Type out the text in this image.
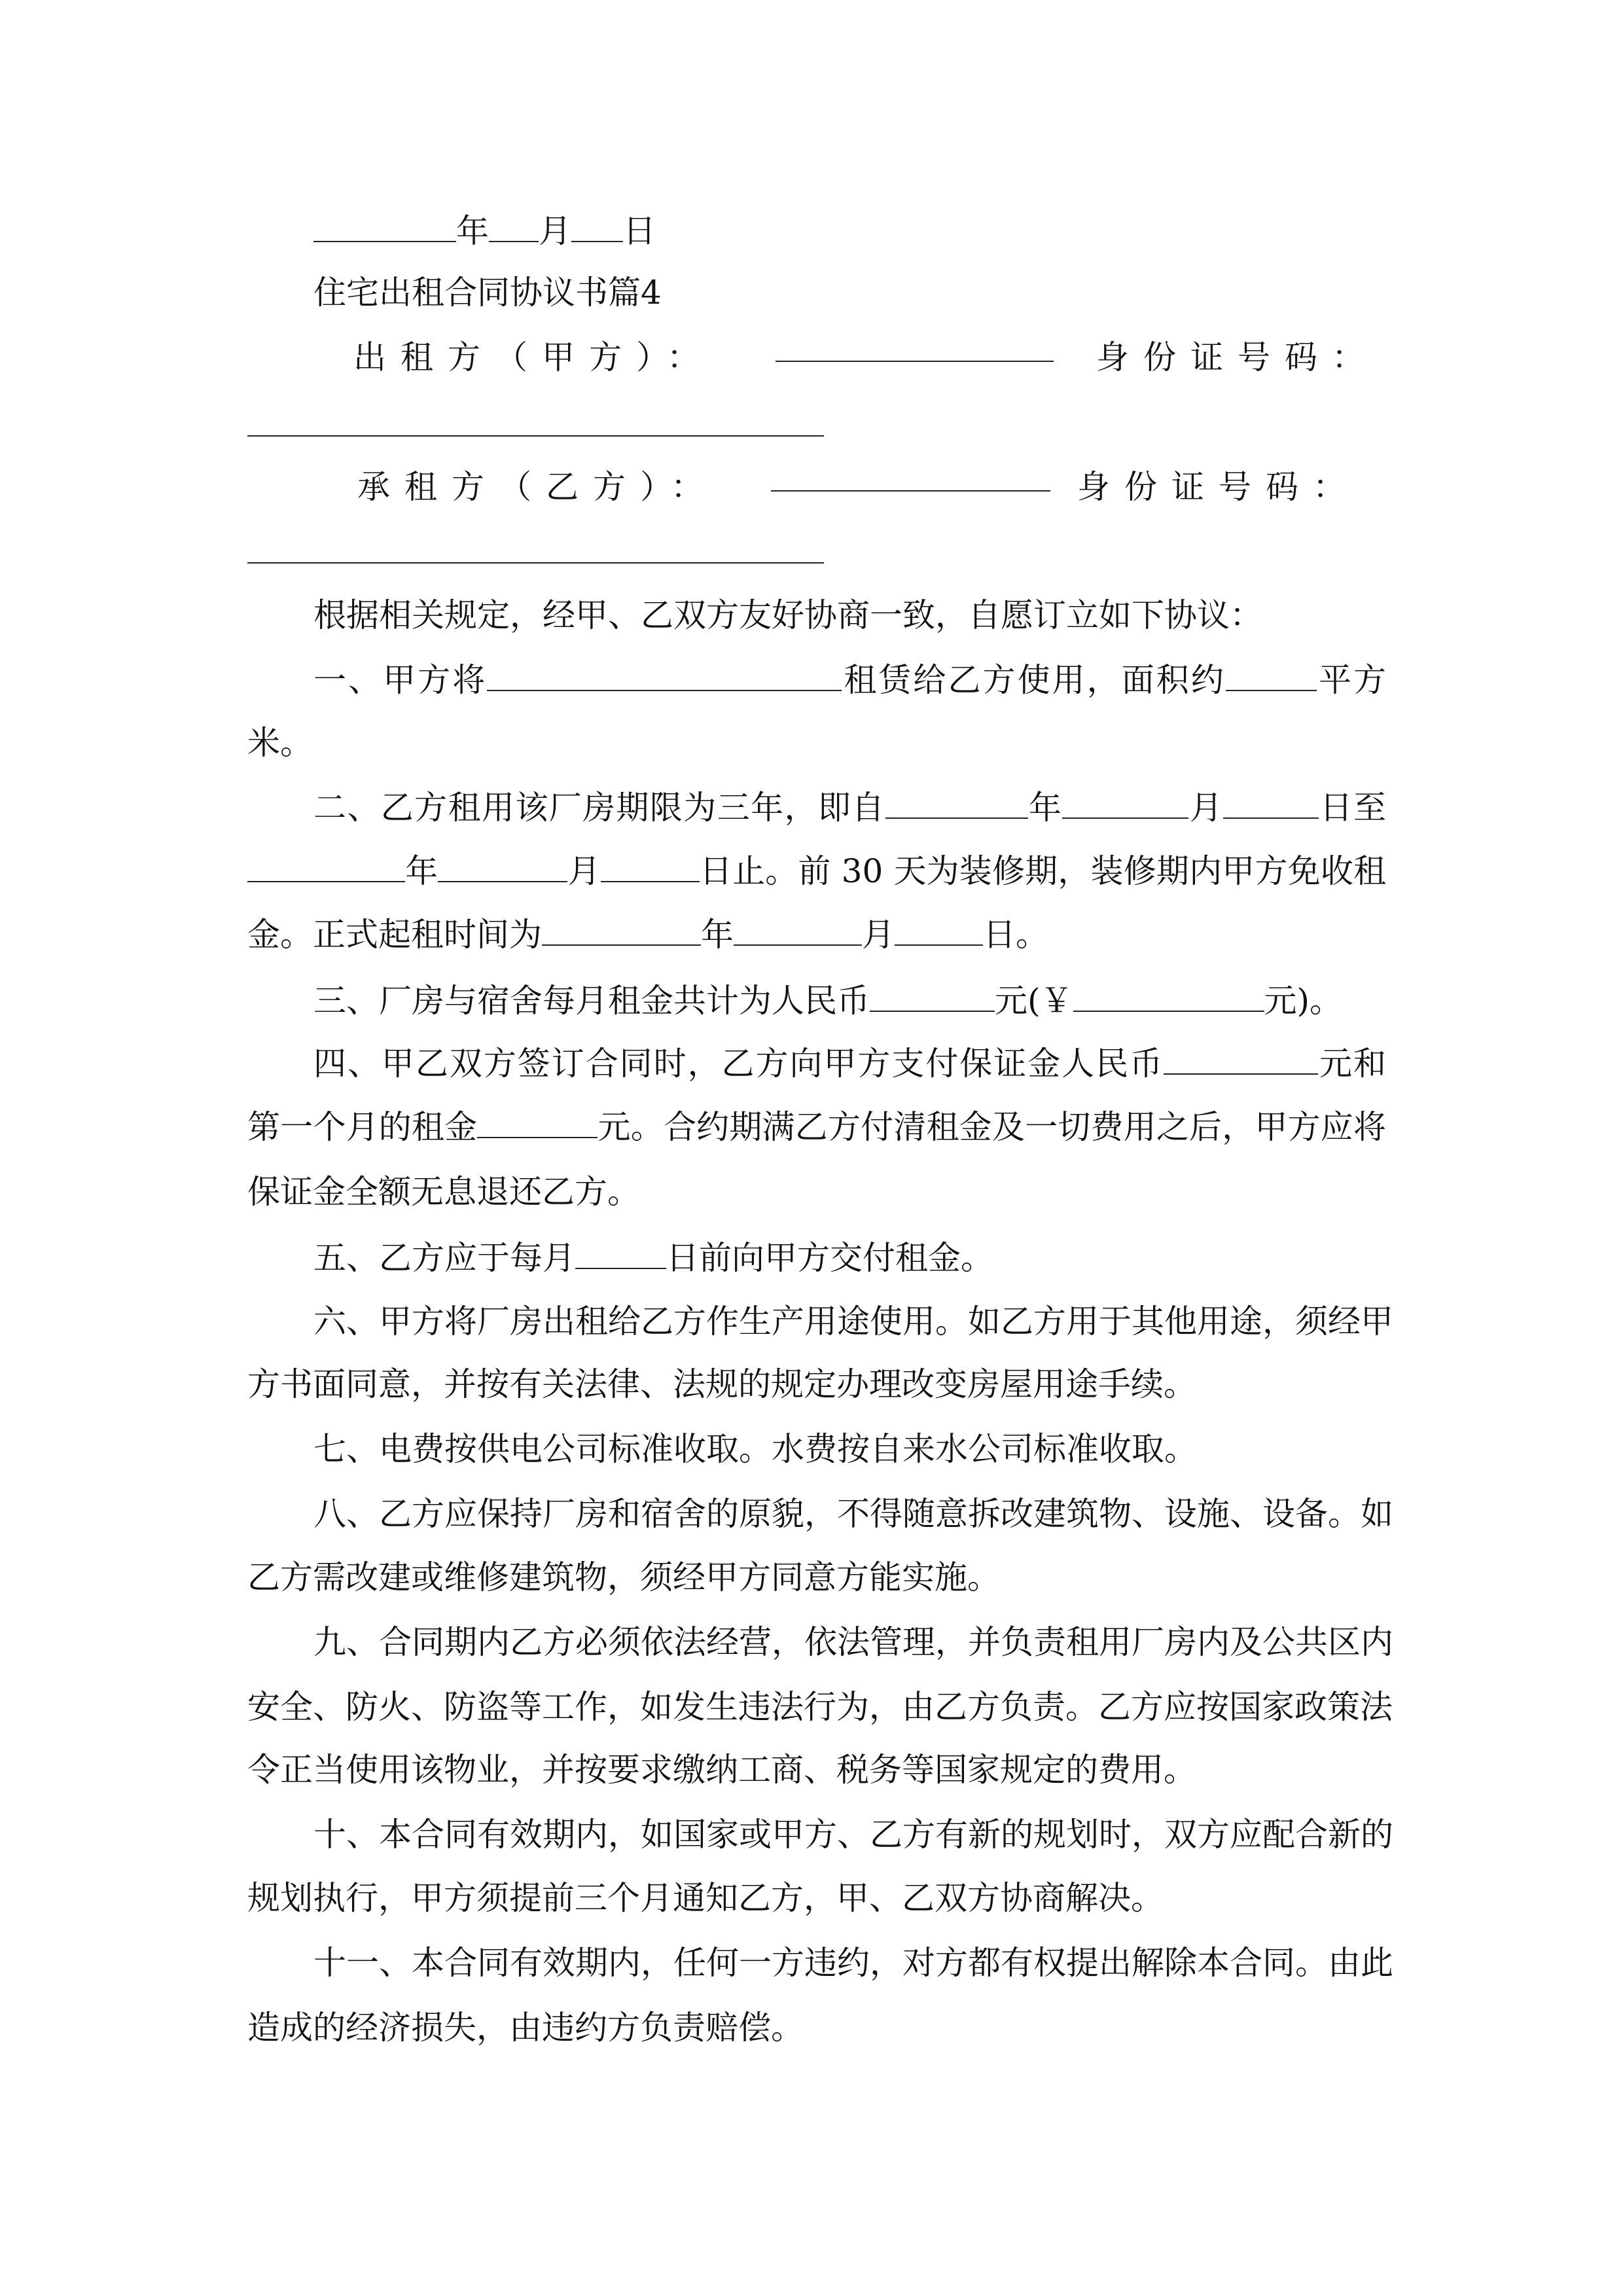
年 月 日
住宅出租合同协议书篇4
出租方（甲方）：	身份证号码：
承租方（乙方）：	身份证号码：
根据相关规定，经甲、乙双方友好协商一致，自愿订立如下协议：
一、甲方将	租赁给乙方使用，面积约	平方
米。
二、乙方租用该厂房期限为三年，即自	年	月	日至
年	月	日止。前 30 天为装修期，装修期内甲方免收租
金。正式起租时间为	年	月	日。
三、厂房与宿舍每月租金共计为人民币	元(￥	元)。
四、甲乙双方签订合同时，乙方向甲方支付保证金人民币	元和
第一个月的租金	元。合约期满乙方付清租金及一切费用之后，甲方应将
保证金全额无息退还乙方。
五、乙方应于每月	日前向甲方交付租金。
六、甲方将厂房出租给乙方作生产用途使用。如乙方用于其他用途，须经甲
方书面同意，并按有关法律、法规的规定办理改变房屋用途手续。
七、电费按供电公司标准收取。水费按自来水公司标准收取。
八、乙方应保持厂房和宿舍的原貌，不得随意拆改建筑物、设施、设备。如
乙方需改建或维修建筑物，须经甲方同意方能实施。
九、合同期内乙方必须依法经营，依法管理，并负责租用厂房内及公共区内
安全、防火、防盗等工作，如发生违法行为，由乙方负责。乙方应按国家政策法
令正当使用该物业，并按要求缴纳工商、税务等国家规定的费用。
十、本合同有效期内，如国家或甲方、乙方有新的规划时，双方应配合新的
规划执行，甲方须提前三个月通知乙方，甲、乙双方协商解决。
十一、本合同有效期内，任何一方违约，对方都有权提出解除本合同。由此
造成的经济损失，由违约方负责赔偿。
